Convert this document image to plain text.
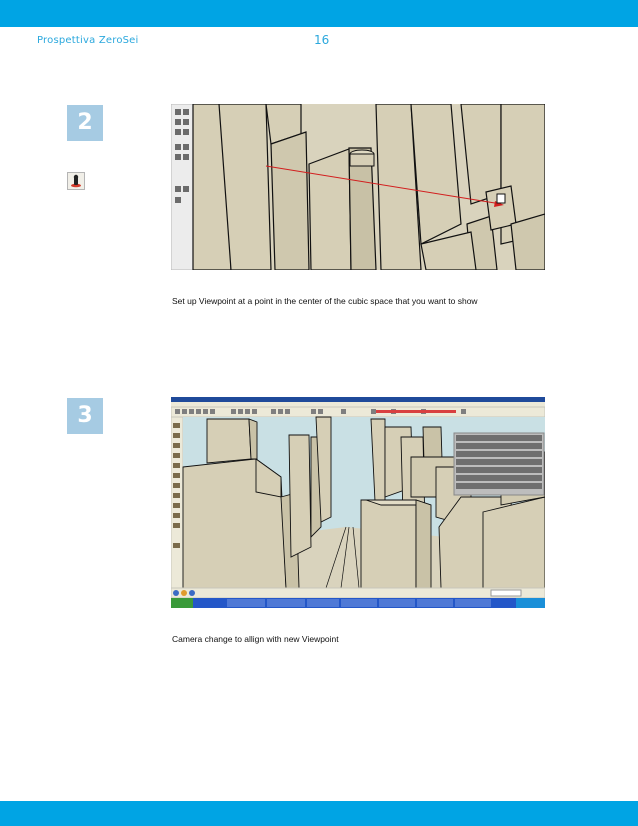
Prospettiva ZeroSei	16
2
Set up Viewpoint at a point in the center of the cubic space that you want to show
3
Camera change to allign with new Viewpoint
